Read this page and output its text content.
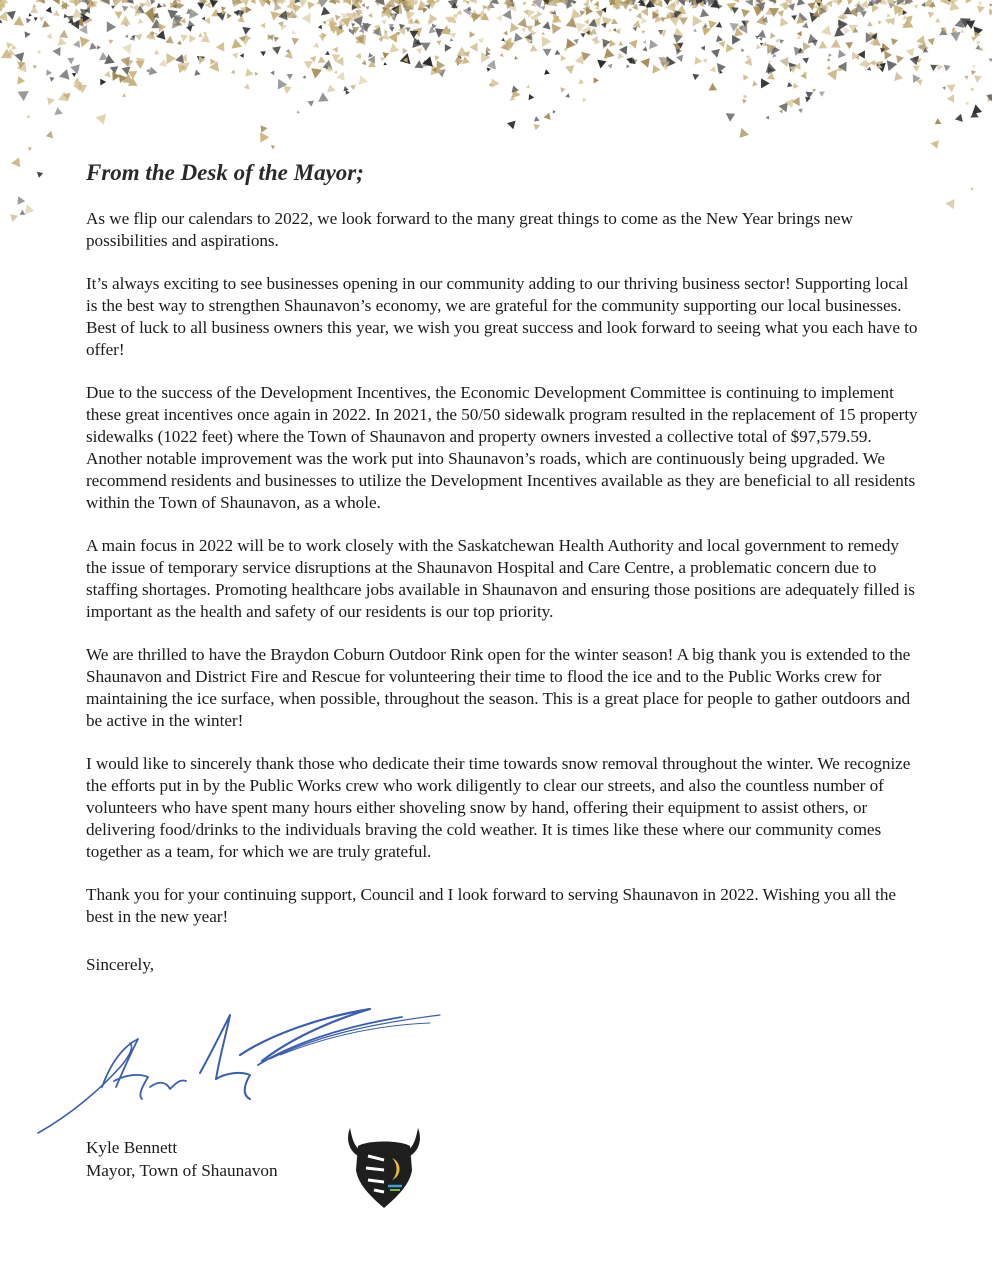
From the Desk of the Mayor;

As we flip our calendars to 2022, we look forward to the many great things to come as the New Year brings new possibilities and aspirations.

It’s always exciting to see businesses opening in our community adding to our thriving business sector! Supporting local is the best way to strengthen Shaunavon’s economy, we are grateful for the community supporting our local businesses. Best of luck to all business owners this year, we wish you great success and look forward to seeing what you each have to offer!

Due to the success of the Development Incentives, the Economic Development Committee is continuing to implement these great incentives once again in 2022. In 2021, the 50/50 sidewalk program resulted in the replacement of 15 property sidewalks (1022 feet) where the Town of Shaunavon and property owners invested a collective total of $97,579.59. Another notable improvement was the work put into Shaunavon’s roads, which are continuously being upgraded. We recommend residents and businesses to utilize the Development Incentives available as they are beneficial to all residents within the Town of Shaunavon, as a whole.

A main focus in 2022 will be to work closely with the Saskatchewan Health Authority and local government to remedy the issue of temporary service disruptions at the Shaunavon Hospital and Care Centre, a problematic concern due to staffing shortages. Promoting healthcare jobs available in Shaunavon and ensuring those positions are adequately filled is important as the health and safety of our residents is our top priority.

We are thrilled to have the Braydon Coburn Outdoor Rink open for the winter season! A big thank you is extended to the Shaunavon and District Fire and Rescue for volunteering their time to flood the ice and to the Public Works crew for maintaining the ice surface, when possible, throughout the season. This is a great place for people to gather outdoors and be active in the winter!

I would like to sincerely thank those who dedicate their time towards snow removal throughout the winter. We recognize the efforts put in by the Public Works crew who work diligently to clear our streets, and also the countless number of volunteers who have spent many hours either shoveling snow by hand, offering their equipment to assist others, or delivering food/drinks to the individuals braving the cold weather. It is times like these where our community comes together as a team, for which we are truly grateful.

Thank you for your continuing support, Council and I look forward to serving Shaunavon in 2022. Wishing you all the best in the new year!

Sincerely,
Kyle Bennett
Mayor, Town of Shaunavon
